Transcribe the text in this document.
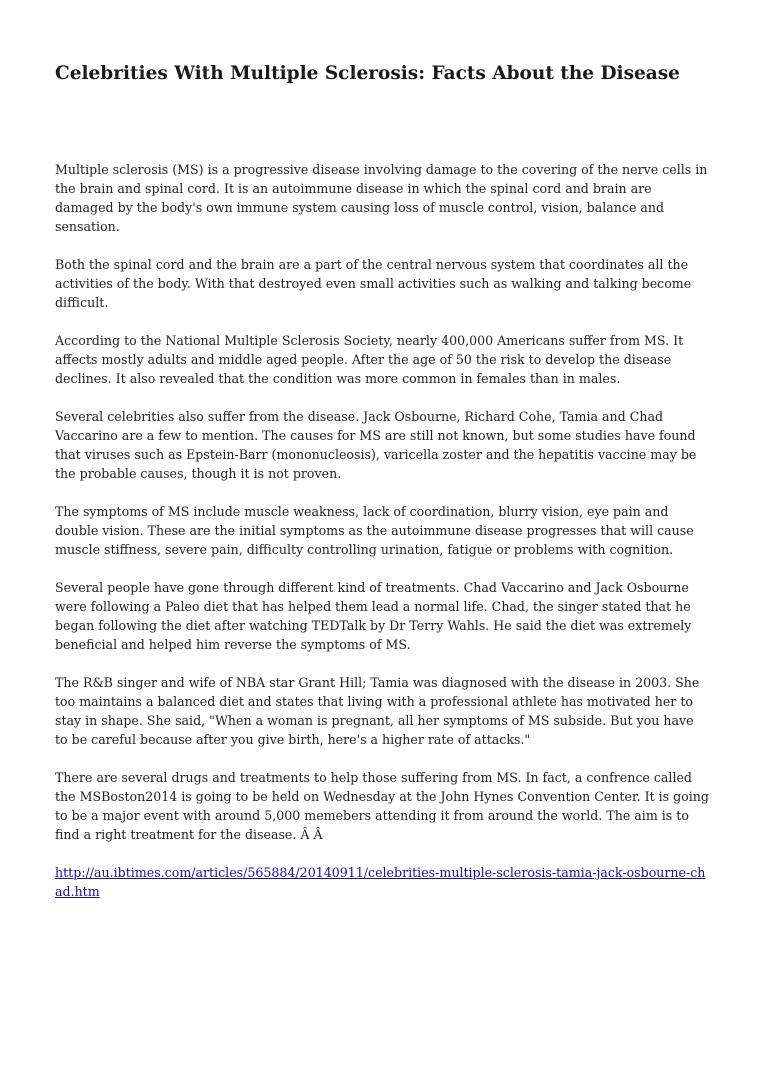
Celebrities With Multiple Sclerosis: Facts About the Disease

Multiple sclerosis (MS) is a progressive disease involving damage to the covering of the nerve cells in the brain and spinal cord. It is an autoimmune disease in which the spinal cord and brain are damaged by the body's own immune system causing loss of muscle control, vision, balance and sensation.

Both the spinal cord and the brain are a part of the central nervous system that coordinates all the activities of the body. With that destroyed even small activities such as walking and talking become difficult.

According to the National Multiple Sclerosis Society, nearly 400,000 Americans suffer from MS. It affects mostly adults and middle aged people. After the age of 50 the risk to develop the disease declines. It also revealed that the condition was more common in females than in males.

Several celebrities also suffer from the disease. Jack Osbourne, Richard Cohe, Tamia and Chad Vaccarino are a few to mention. The causes for MS are still not known, but some studies have found that viruses such as Epstein-Barr (mononucleosis), varicella zoster and the hepatitis vaccine may be the probable causes, though it is not proven.

The symptoms of MS include muscle weakness, lack of coordination, blurry vision, eye pain and double vision. These are the initial symptoms as the autoimmune disease progresses that will cause muscle stiffness, severe pain, difficulty controlling urination, fatigue or problems with cognition.

Several people have gone through different kind of treatments. Chad Vaccarino and Jack Osbourne were following a Paleo diet that has helped them lead a normal life. Chad, the singer stated that he began following the diet after watching TEDTalk by Dr Terry Wahls. He said the diet was extremely beneficial and helped him reverse the symptoms of MS.

The R&B singer and wife of NBA star Grant Hill; Tamia was diagnosed with the disease in 2003. She too maintains a balanced diet and states that living with a professional athlete has motivated her to stay in shape. She said, "When a woman is pregnant, all her symptoms of MS subside. But you have to be careful because after you give birth, here's a higher rate of attacks."

There are several drugs and treatments to help those suffering from MS. In fact, a confrence called the MSBoston2014 is going to be held on Wednesday at the John Hynes Convention Center. It is going to be a major event with around 5,000 memebers attending it from around the world. The aim is to find a right treatment for the disease. Â Â

http://au.ibtimes.com/articles/565884/20140911/celebrities-multiple-sclerosis-tamia-jack-osbourne-chad.htm
